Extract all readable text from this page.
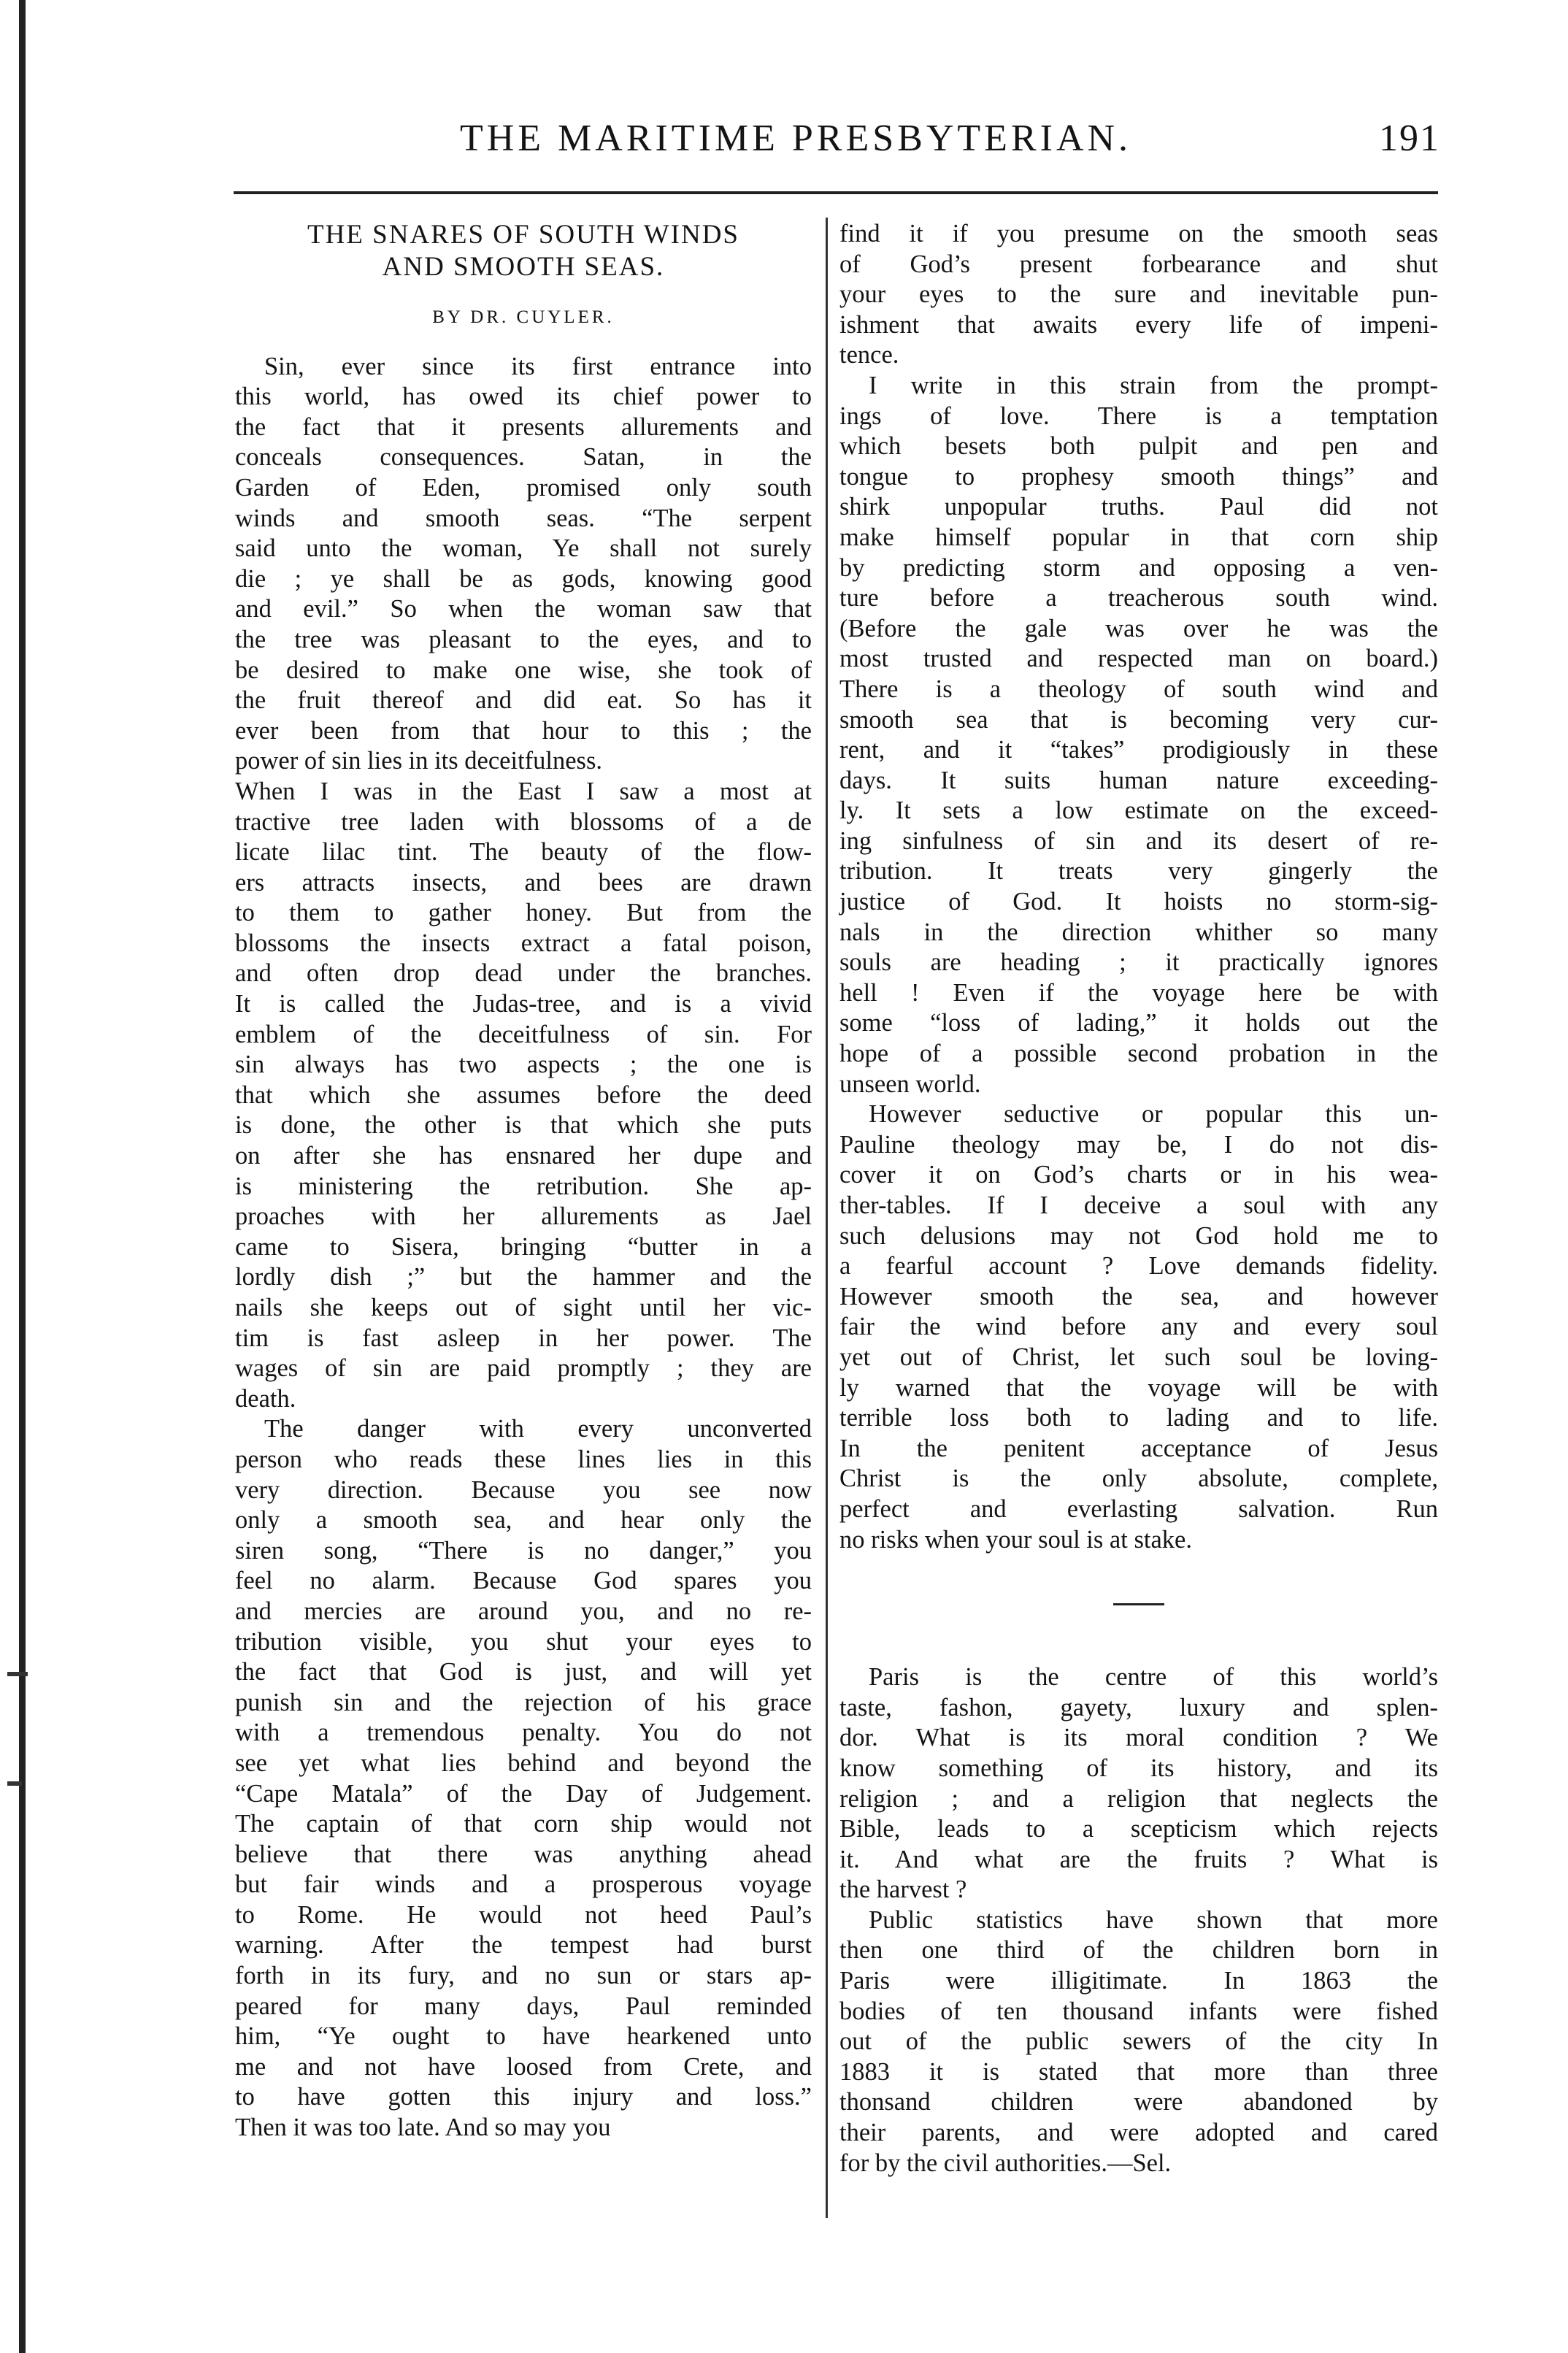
THE MARITIME PRESBYTERIAN.	191
THE SNARES OF SOUTH WINDS
AND SMOOTH SEAS.
BY DR. CUYLER.
Sin, ever since its first entrance into
this world, has owed its chief power to
the fact that it presents allurements and
conceals consequences. Satan, in the
Garden of Eden, promised only south
winds and smooth seas. “The serpent
said unto the woman, Ye shall not surely
die ; ye shall be as gods, knowing good
and evil.” So when the woman saw that
the tree was pleasant to the eyes, and to
be desired to make one wise, she took of
the fruit thereof and did eat. So has it
ever been from that hour to this ; the
power of sin lies in its deceitfulness.
When I was in the East I saw a most at
tractive tree laden with blossoms of a de
licate lilac tint. The beauty of the flow-
ers attracts insects, and bees are drawn
to them to gather honey. But from the
blossoms the insects extract a fatal poison,
and often drop dead under the branches.
It is called the Judas-tree, and is a vivid
emblem of the deceitfulness of sin. For
sin always has two aspects ; the one is
that which she assumes before the deed
is done, the other is that which she puts
on after she has ensnared her dupe and
is ministering the retribution. She ap-
proaches with her allurements as Jael
came to Sisera, bringing “butter in a
lordly dish ;” but the hammer and the
nails she keeps out of sight until her vic-
tim is fast asleep in her power. The
wages of sin are paid promptly ; they are
death.
The danger with every unconverted
person who reads these lines lies in this
very direction. Because you see now
only a smooth sea, and hear only the
siren song, “There is no danger,” you
feel no alarm. Because God spares you
and mercies are around you, and no re-
tribution visible, you shut your eyes to
the fact that God is just, and will yet
punish sin and the rejection of his grace
with a tremendous penalty. You do not
see yet what lies behind and beyond the
“Cape Matala” of the Day of Judgement.
The captain of that corn ship would not
believe that there was anything ahead
but fair winds and a prosperous voyage
to Rome. He would not heed Paul’s
warning. After the tempest had burst
forth in its fury, and no sun or stars ap-
peared for many days, Paul reminded
him, “Ye ought to have hearkened unto
me and not have loosed from Crete, and
to have gotten this injury and loss.”
Then it was too late. And so may you
find it if you presume on the smooth seas
of God’s present forbearance and shut
your eyes to the sure and inevitable pun-
ishment that awaits every life of impeni-
tence.
I write in this strain from the prompt-
ings of love. There is a temptation
which besets both pulpit and pen and
tongue to prophesy smooth things” and
shirk unpopular truths. Paul did not
make himself popular in that corn ship
by predicting storm and opposing a ven-
ture before a treacherous south wind.
(Before the gale was over he was the
most trusted and respected man on board.)
There is a theology of south wind and
smooth sea that is becoming very cur-
rent, and it “takes” prodigiously in these
days. It suits human nature exceeding-
ly. It sets a low estimate on the exceed-
ing sinfulness of sin and its desert of re-
tribution. It treats very gingerly the
justice of God. It hoists no storm-sig-
nals in the direction whither so many
souls are heading ; it practically ignores
hell ! Even if the voyage here be with
some “loss of lading,” it holds out the
hope of a possible second probation in the
unseen world.
However seductive or popular this un-
Pauline theology may be, I do not dis-
cover it on God’s charts or in his wea-
ther-tables. If I deceive a soul with any
such delusions may not God hold me to
a fearful account ? Love demands fidelity.
However smooth the sea, and however
fair the wind before any and every soul
yet out of Christ, let such soul be loving-
ly warned that the voyage will be with
terrible loss both to lading and to life.
In the penitent acceptance of Jesus
Christ is the only absolute, complete,
perfect and everlasting salvation. Run
no risks when your soul is at stake.
Paris is the centre of this world’s
taste, fashon, gayety, luxury and splen-
dor. What is its moral condition ? We
know something of its history, and its
religion ; and a religion that neglects the
Bible, leads to a scepticism which rejects
it. And what are the fruits ? What is
the harvest ?
Public statistics have shown that more
then one third of the children born in
Paris were illigitimate. In 1863 the
bodies of ten thousand infants were fished
out of the public sewers of the city In
1883 it is stated that more than three
thonsand children were abandoned by
their parents, and were adopted and cared
for by the civil authorities.—Sel.
